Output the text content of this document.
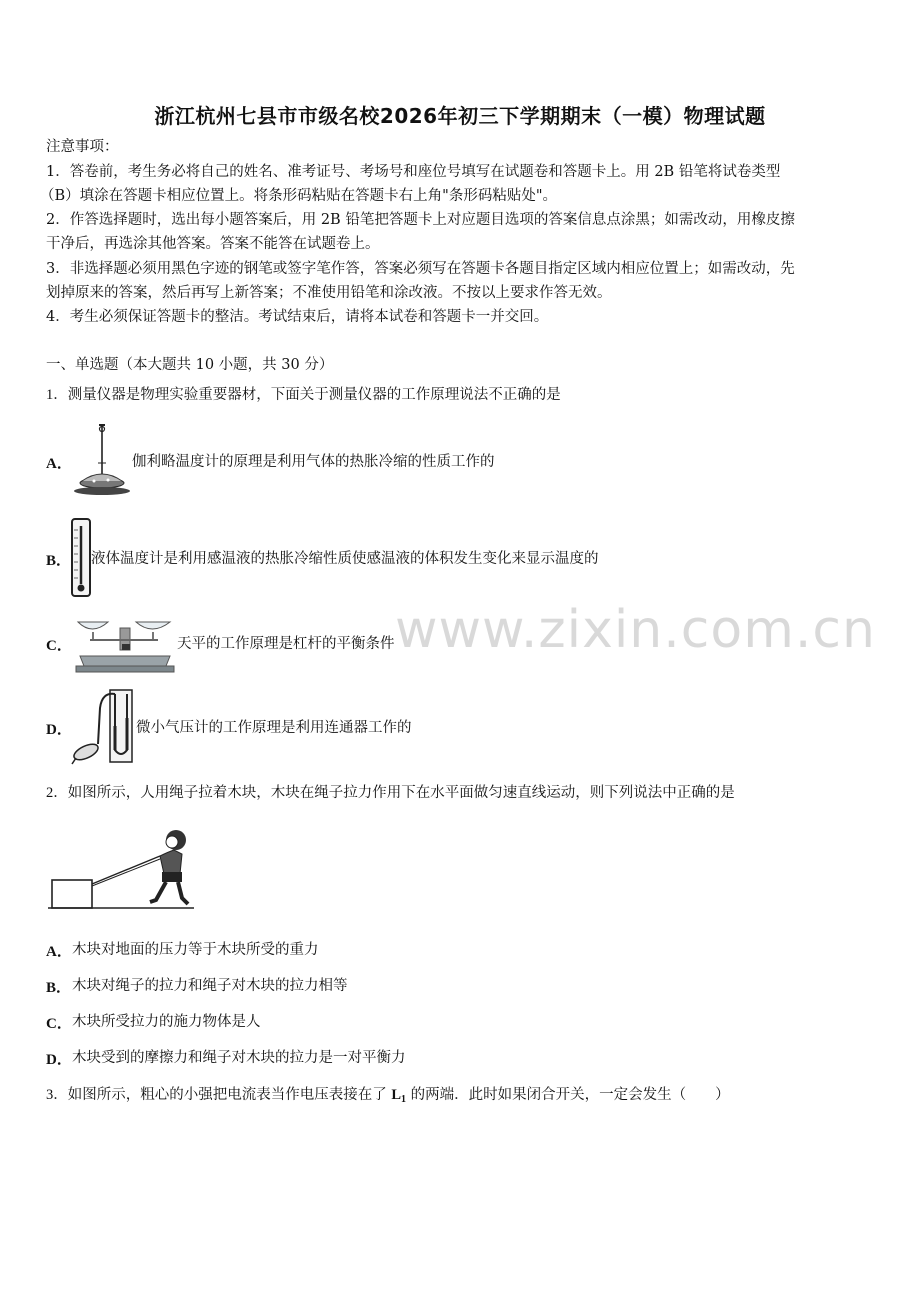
浙江杭州七县市市级名校2026年初三下学期期末（一模）物理试题
注意事项：
1．答卷前，考生务必将自己的姓名、准考证号、考场号和座位号填写在试题卷和答题卡上。用 2B 铅笔将试卷类型
（B）填涂在答题卡相应位置上。将条形码粘贴在答题卡右上角"条形码粘贴处"。
2．作答选择题时，选出每小题答案后，用 2B 铅笔把答题卡上对应题目选项的答案信息点涂黑；如需改动，用橡皮擦
干净后，再选涂其他答案。答案不能答在试题卷上。
3．非选择题必须用黑色字迹的钢笔或签字笔作答，答案必须写在答题卡各题目指定区域内相应位置上；如需改动，先
划掉原来的答案，然后再写上新答案；不准使用铅笔和涂改液。不按以上要求作答无效。
4．考生必须保证答题卡的整洁。考试结束后，请将本试卷和答题卡一并交回。
一、单选题（本大题共 10 小题，共 30 分）
1．测量仪器是物理实验重要器材，下面关于测量仪器的工作原理说法不正确的是
A．	伽利略温度计的原理是利用气体的热胀冷缩的性质工作的
B． 液体温度计是利用感温液的热胀冷缩性质使感温液的体积发生变化来显示温度的
C．	天平的工作原理是杠杆的平衡条件
D．	微小气压计的工作原理是利用连通器工作的
2．如图所示，人用绳子拉着木块，木块在绳子拉力作用下在水平面做匀速直线运动，则下列说法中正确的是
A． 木块对地面的压力等于木块所受的重力
B． 木块对绳子的拉力和绳子对木块的拉力相等
C． 木块所受拉力的施力物体是人
D． 木块受到的摩擦力和绳子对木块的拉力是一对平衡力
3．如图所示，粗心的小强把电流表当作电压表接在了 $L_1$ 的两端．此时如果闭合开关，一定会发生（　　）
www.zixin.com.cn
